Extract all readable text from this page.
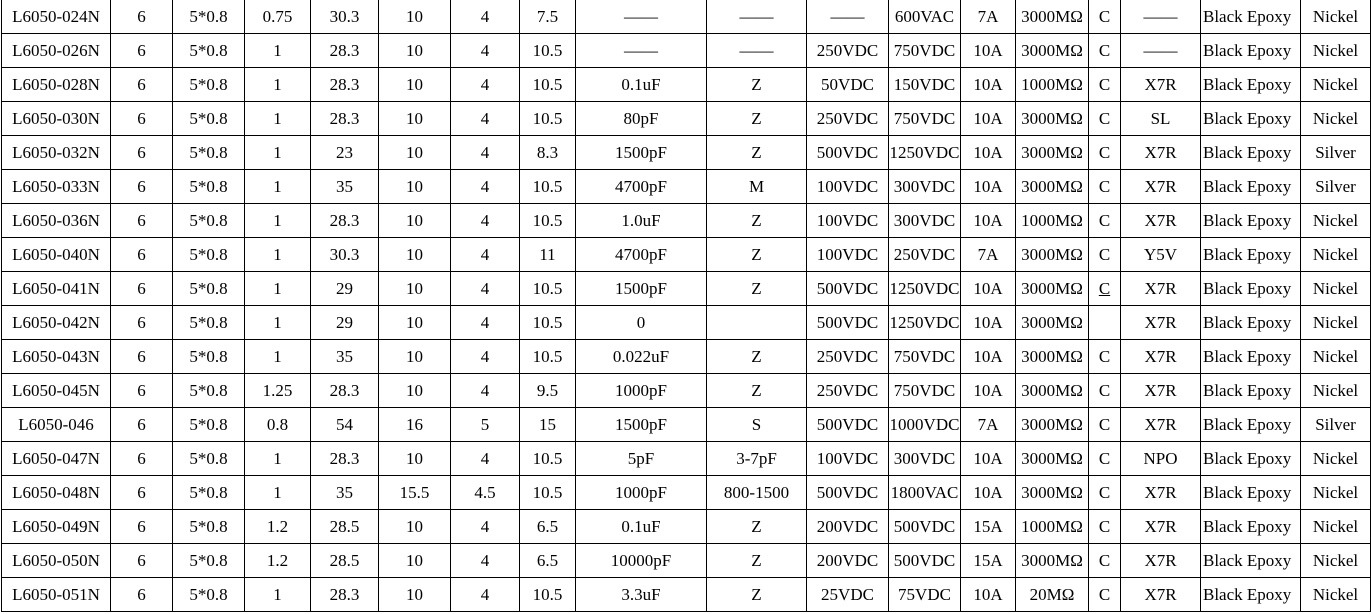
L6050-024N	6	5*0.8	0.75	30.3	10	4	7.5	——	——	——	600VAC	7A	3000MΩ	C	——	Black Epoxy	Nickel
L6050-026N	6	5*0.8	1	28.3	10	4	10.5	——	——	250VDC	750VDC	10A	3000MΩ	C	——	Black Epoxy	Nickel
L6050-028N	6	5*0.8	1	28.3	10	4	10.5	0.1uF	Z	50VDC	150VDC	10A	1000MΩ	C	X7R	Black Epoxy	Nickel
L6050-030N	6	5*0.8	1	28.3	10	4	10.5	80pF	Z	250VDC	750VDC	10A	3000MΩ	C	SL	Black Epoxy	Nickel
L6050-032N	6	5*0.8	1	23	10	4	8.3	1500pF	Z	500VDC	1250VDC	10A	3000MΩ	C	X7R	Black Epoxy	Silver
L6050-033N	6	5*0.8	1	35	10	4	10.5	4700pF	M	100VDC	300VDC	10A	3000MΩ	C	X7R	Black Epoxy	Silver
L6050-036N	6	5*0.8	1	28.3	10	4	10.5	1.0uF	Z	100VDC	300VDC	10A	1000MΩ	C	X7R	Black Epoxy	Nickel
L6050-040N	6	5*0.8	1	30.3	10	4	11	4700pF	Z	100VDC	250VDC	7A	3000MΩ	C	Y5V	Black Epoxy	Nickel
L6050-041N	6	5*0.8	1	29	10	4	10.5	1500pF	Z	500VDC	1250VDC	10A	3000MΩ	C	X7R	Black Epoxy	Nickel
L6050-042N	6	5*0.8	1	29	10	4	10.5	0		500VDC	1250VDC	10A	3000MΩ		X7R	Black Epoxy	Nickel
L6050-043N	6	5*0.8	1	35	10	4	10.5	0.022uF	Z	250VDC	750VDC	10A	3000MΩ	C	X7R	Black Epoxy	Nickel
L6050-045N	6	5*0.8	1.25	28.3	10	4	9.5	1000pF	Z	250VDC	750VDC	10A	3000MΩ	C	X7R	Black Epoxy	Nickel
L6050-046	6	5*0.8	0.8	54	16	5	15	1500pF	S	500VDC	1000VDC	7A	3000MΩ	C	X7R	Black Epoxy	Silver
L6050-047N	6	5*0.8	1	28.3	10	4	10.5	5pF	3-7pF	100VDC	300VDC	10A	3000MΩ	C	NPO	Black Epoxy	Nickel
L6050-048N	6	5*0.8	1	35	15.5	4.5	10.5	1000pF	800-1500	500VDC	1800VAC	10A	3000MΩ	C	X7R	Black Epoxy	Nickel
L6050-049N	6	5*0.8	1.2	28.5	10	4	6.5	0.1uF	Z	200VDC	500VDC	15A	1000MΩ	C	X7R	Black Epoxy	Nickel
L6050-050N	6	5*0.8	1.2	28.5	10	4	6.5	10000pF	Z	200VDC	500VDC	15A	3000MΩ	C	X7R	Black Epoxy	Nickel
L6050-051N	6	5*0.8	1	28.3	10	4	10.5	3.3uF	Z	25VDC	75VDC	10A	20MΩ	C	X7R	Black Epoxy	Nickel
